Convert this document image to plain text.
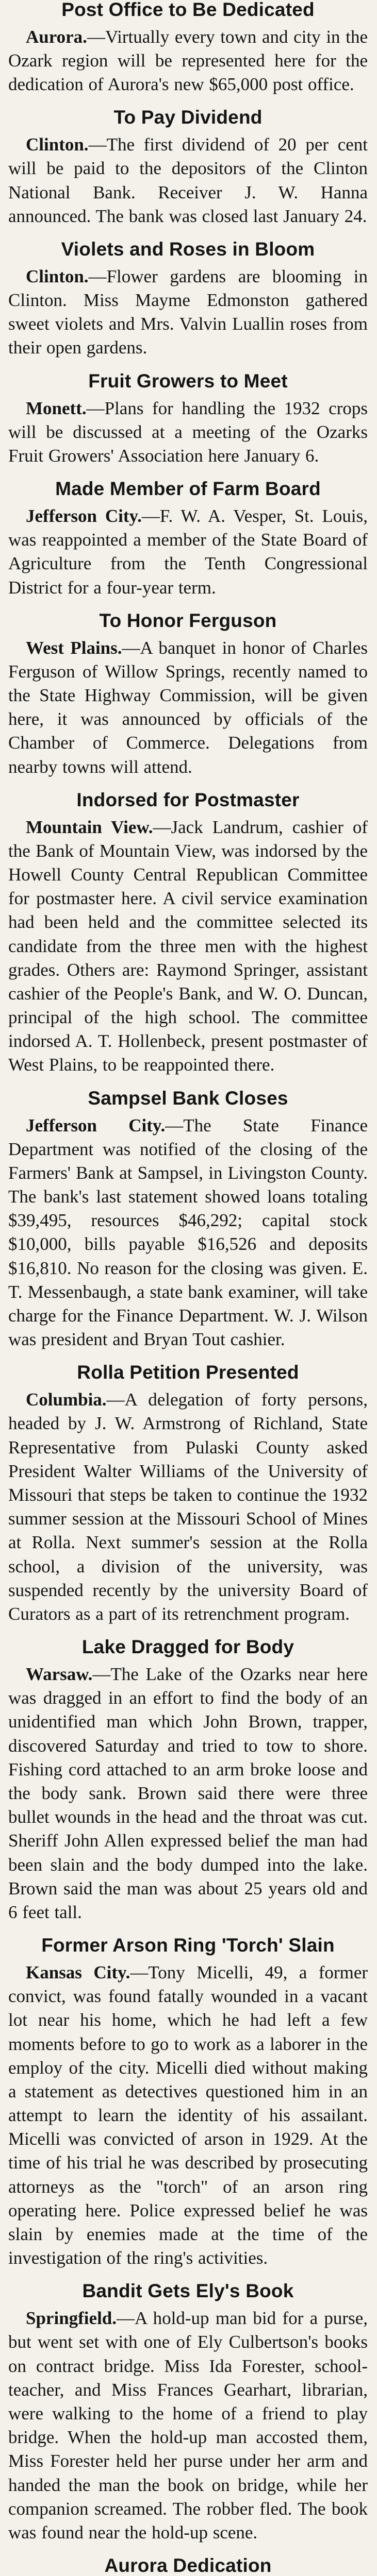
Post Office to Be Dedicated

Aurora.—Virtually every town and city in the Ozark region will be represented here for the dedication of Aurora's new $65,000 post office.

To Pay Dividend

Clinton.—The first dividend of 20 per cent will be paid to the depositors of the Clinton National Bank. Receiver J. W. Hanna announced. The bank was closed last January 24.

Violets and Roses in Bloom

Clinton.—Flower gardens are blooming in Clinton. Miss Mayme Edmonston gathered sweet violets and Mrs. Valvin Luallin roses from their open gardens.

Fruit Growers to Meet

Monett.—Plans for handling the 1932 crops will be discussed at a meeting of the Ozarks Fruit Growers' Association here January 6.

Made Member of Farm Board

Jefferson City.—F. W. A. Vesper, St. Louis, was reappointed a member of the State Board of Agriculture from the Tenth Congressional District for a four-year term.

To Honor Ferguson

West Plains.—A banquet in honor of Charles Ferguson of Willow Springs, recently named to the State Highway Commission, will be given here, it was announced by officials of the Chamber of Commerce. Delegations from nearby towns will attend.

Indorsed for Postmaster

Mountain View.—Jack Landrum, cashier of the Bank of Mountain View, was indorsed by the Howell County Central Republican Committee for postmaster here. A civil service examination had been held and the committee selected its candidate from the three men with the highest grades. Others are: Raymond Springer, assistant cashier of the People's Bank, and W. O. Duncan, principal of the high school. The committee indorsed A. T. Hollenbeck, present postmaster of West Plains, to be reappointed there.

Sampsel Bank Closes

Jefferson City.—The State Finance Department was notified of the closing of the Farmers' Bank at Sampsel, in Livingston County. The bank's last statement showed loans totaling $39,495, resources $46,292; capital stock $10,000, bills payable $16,526 and deposits $16,810. No reason for the closing was given. E. T. Messenbaugh, a state bank examiner, will take charge for the Finance Department. W. J. Wilson was president and Bryan Tout cashier.

Rolla Petition Presented

Columbia.—A delegation of forty persons, headed by J. W. Armstrong of Richland, State Representative from Pulaski County asked President Walter Williams of the University of Missouri that steps be taken to continue the 1932 summer session at the Missouri School of Mines at Rolla. Next summer's session at the Rolla school, a division of the university, was suspended recently by the university Board of Curators as a part of its retrenchment program.

Lake Dragged for Body

Warsaw.—The Lake of the Ozarks near here was dragged in an effort to find the body of an unidentified man which John Brown, trapper, discovered Saturday and tried to tow to shore. Fishing cord attached to an arm broke loose and the body sank. Brown said there were three bullet wounds in the head and the throat was cut. Sheriff John Allen expressed belief the man had been slain and the body dumped into the lake. Brown said the man was about 25 years old and 6 feet tall.

Former Arson Ring 'Torch' Slain

Kansas City.—Tony Micelli, 49, a former convict, was found fatally wounded in a vacant lot near his home, which he had left a few moments before to go to work as a laborer in the employ of the city. Micelli died without making a statement as detectives questioned him in an attempt to learn the identity of his assailant. Micelli was convicted of arson in 1929. At the time of his trial he was described by prosecuting attorneys as the "torch" of an arson ring operating here. Police expressed belief he was slain by enemies made at the time of the investigation of the ring's activities.

Bandit Gets Ely's Book

Springfield.—A hold-up man bid for a purse, but went set with one of Ely Culbertson's books on contract bridge. Miss Ida Forester, school-teacher, and Miss Frances Gearhart, librarian, were walking to the home of a friend to play bridge. When the hold-up man accosted them, Miss Forester held her purse under her arm and handed the man the book on bridge, while her companion screamed. The robber fled. The book was found near the hold-up scene.

Aurora Dedication
